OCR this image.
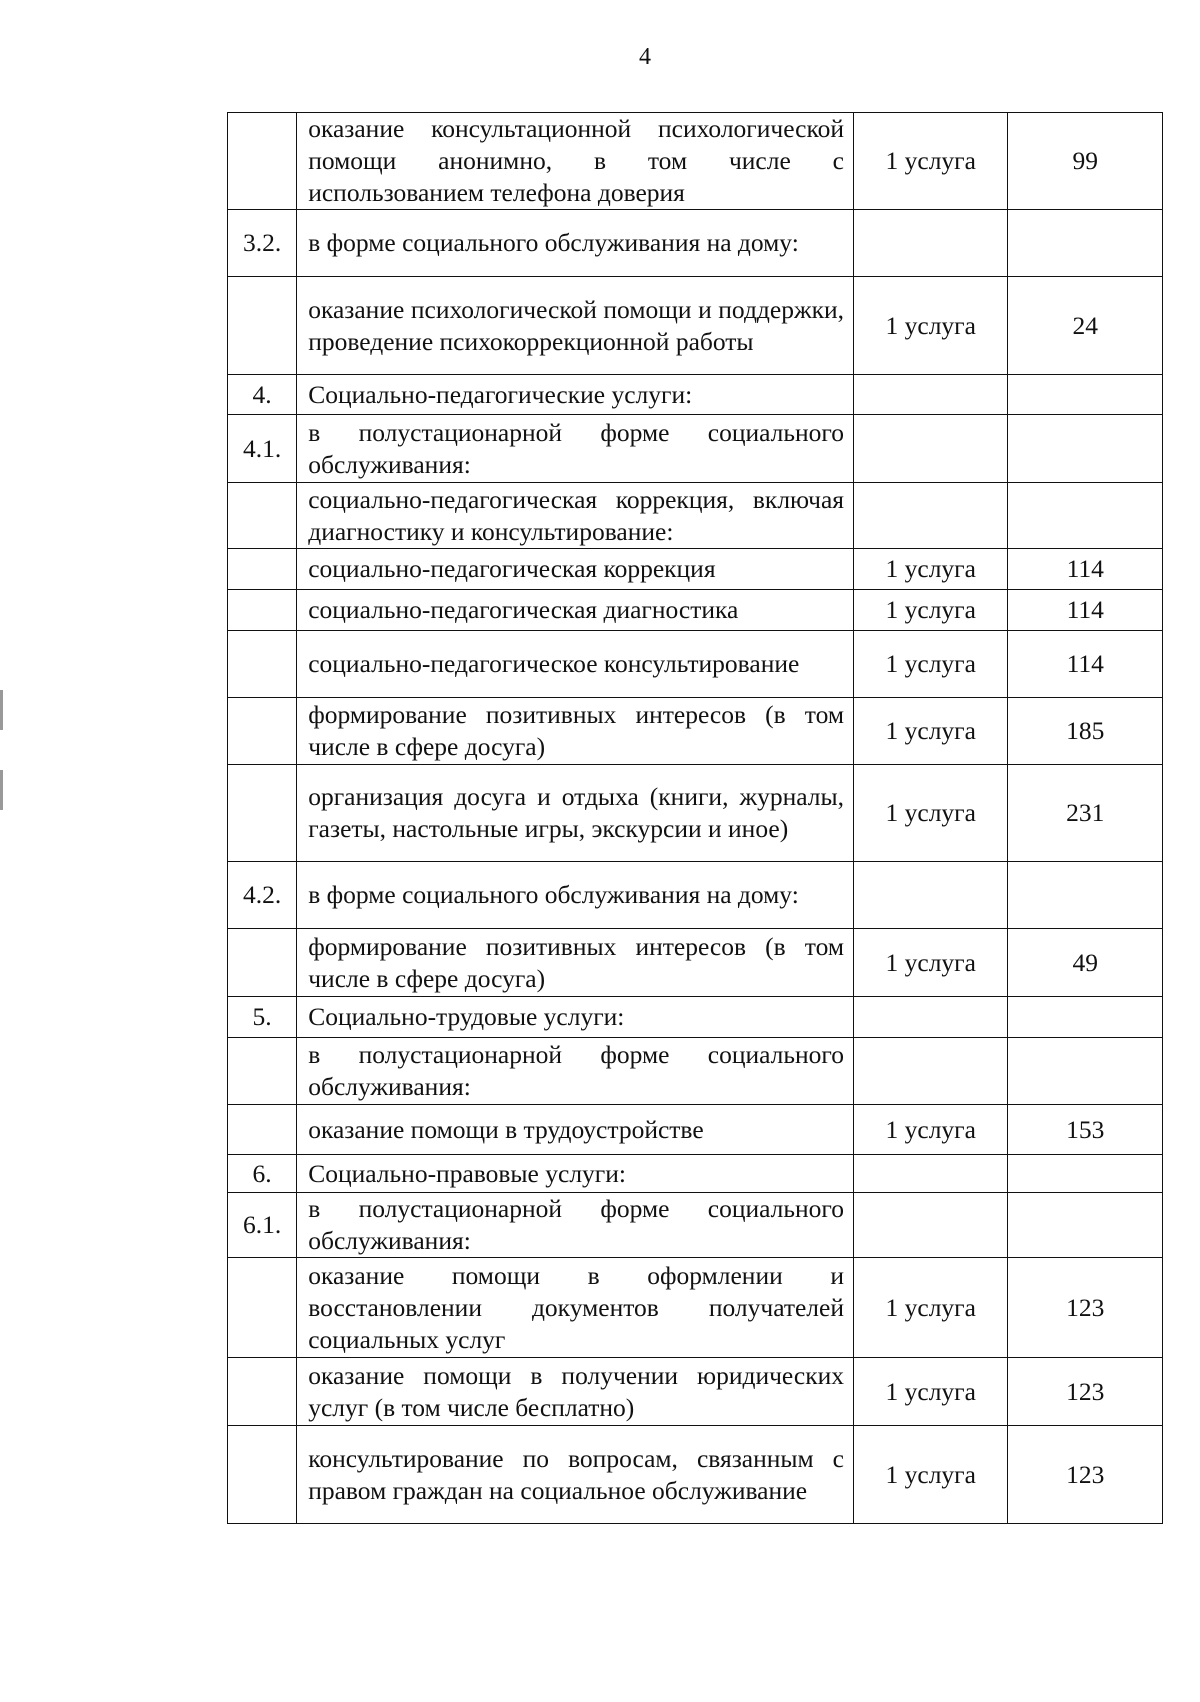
4
	оказание консультационной психологической помощи анонимно, в том числе с использованием телефона доверия	1 услуга	99
3.2.	в форме социального обслуживания на дому:		
	оказание психологической помощи и поддержки, проведение психокоррекционной работы	1 услуга	24
4.	Социально-педагогические услуги:		
4.1.	в полустационарной форме социального обслуживания:		
	социально-педагогическая коррекция, включая диагностику и консультирование:		
	социально-педагогическая коррекция	1 услуга	114
	социально-педагогическая диагностика	1 услуга	114
	социально-педагогическое консультирование	1 услуга	114
	формирование позитивных интересов (в том числе в сфере досуга)	1 услуга	185
	организация досуга и отдыха (книги, журналы, газеты, настольные игры, экскурсии и иное)	1 услуга	231
4.2.	в форме социального обслуживания на дому:		
	формирование позитивных интересов (в том числе в сфере досуга)	1 услуга	49
5.	Социально-трудовые услуги:		
	в полустационарной форме социального обслуживания:		
	оказание помощи в трудоустройстве	1 услуга	153
6.	Социально-правовые услуги:		
6.1.	в полустационарной форме социального обслуживания:		
	оказание помощи в оформлении и восстановлении документов получателей социальных услуг	1 услуга	123
	оказание помощи в получении юридических услуг (в том числе бесплатно)	1 услуга	123
	консультирование по вопросам, связанным с правом граждан на социальное обслуживание	1 услуга	123
